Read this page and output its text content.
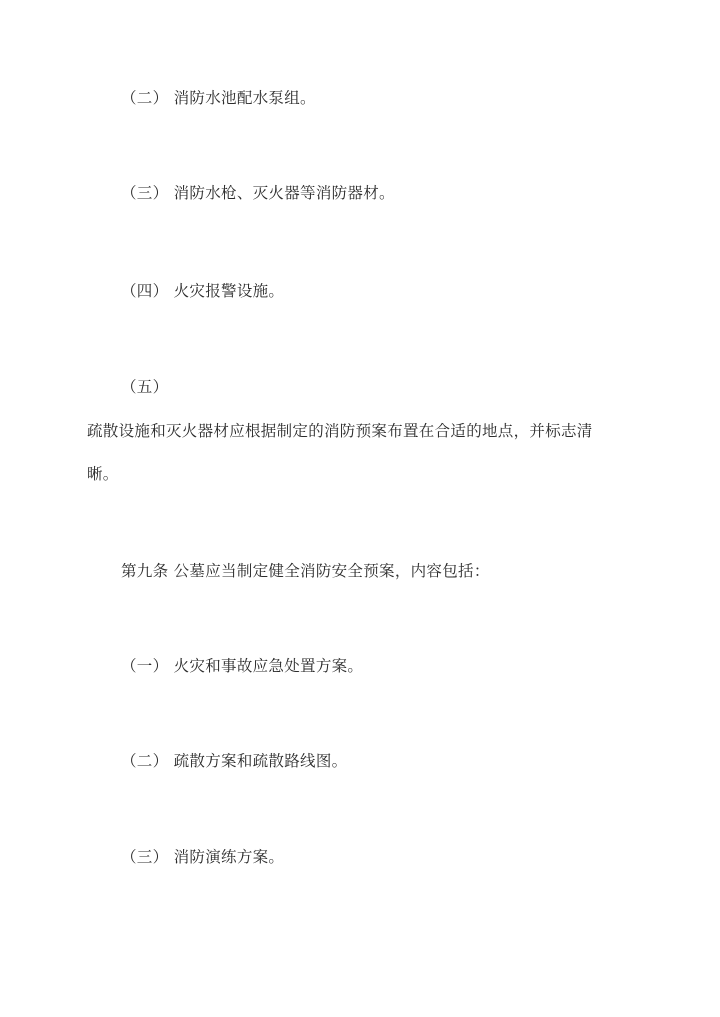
（二） 消防水池配水泵组。
（三） 消防水枪、灭火器等消防器材。
（四） 火灾报警设施。
（五）
疏散设施和灭火器材应根据制定的消防预案布置在合适的地点，并标志清
晰。
第九条 公墓应当制定健全消防安全预案，内容包括：
（一） 火灾和事故应急处置方案。
（二） 疏散方案和疏散路线图。
（三） 消防演练方案。
